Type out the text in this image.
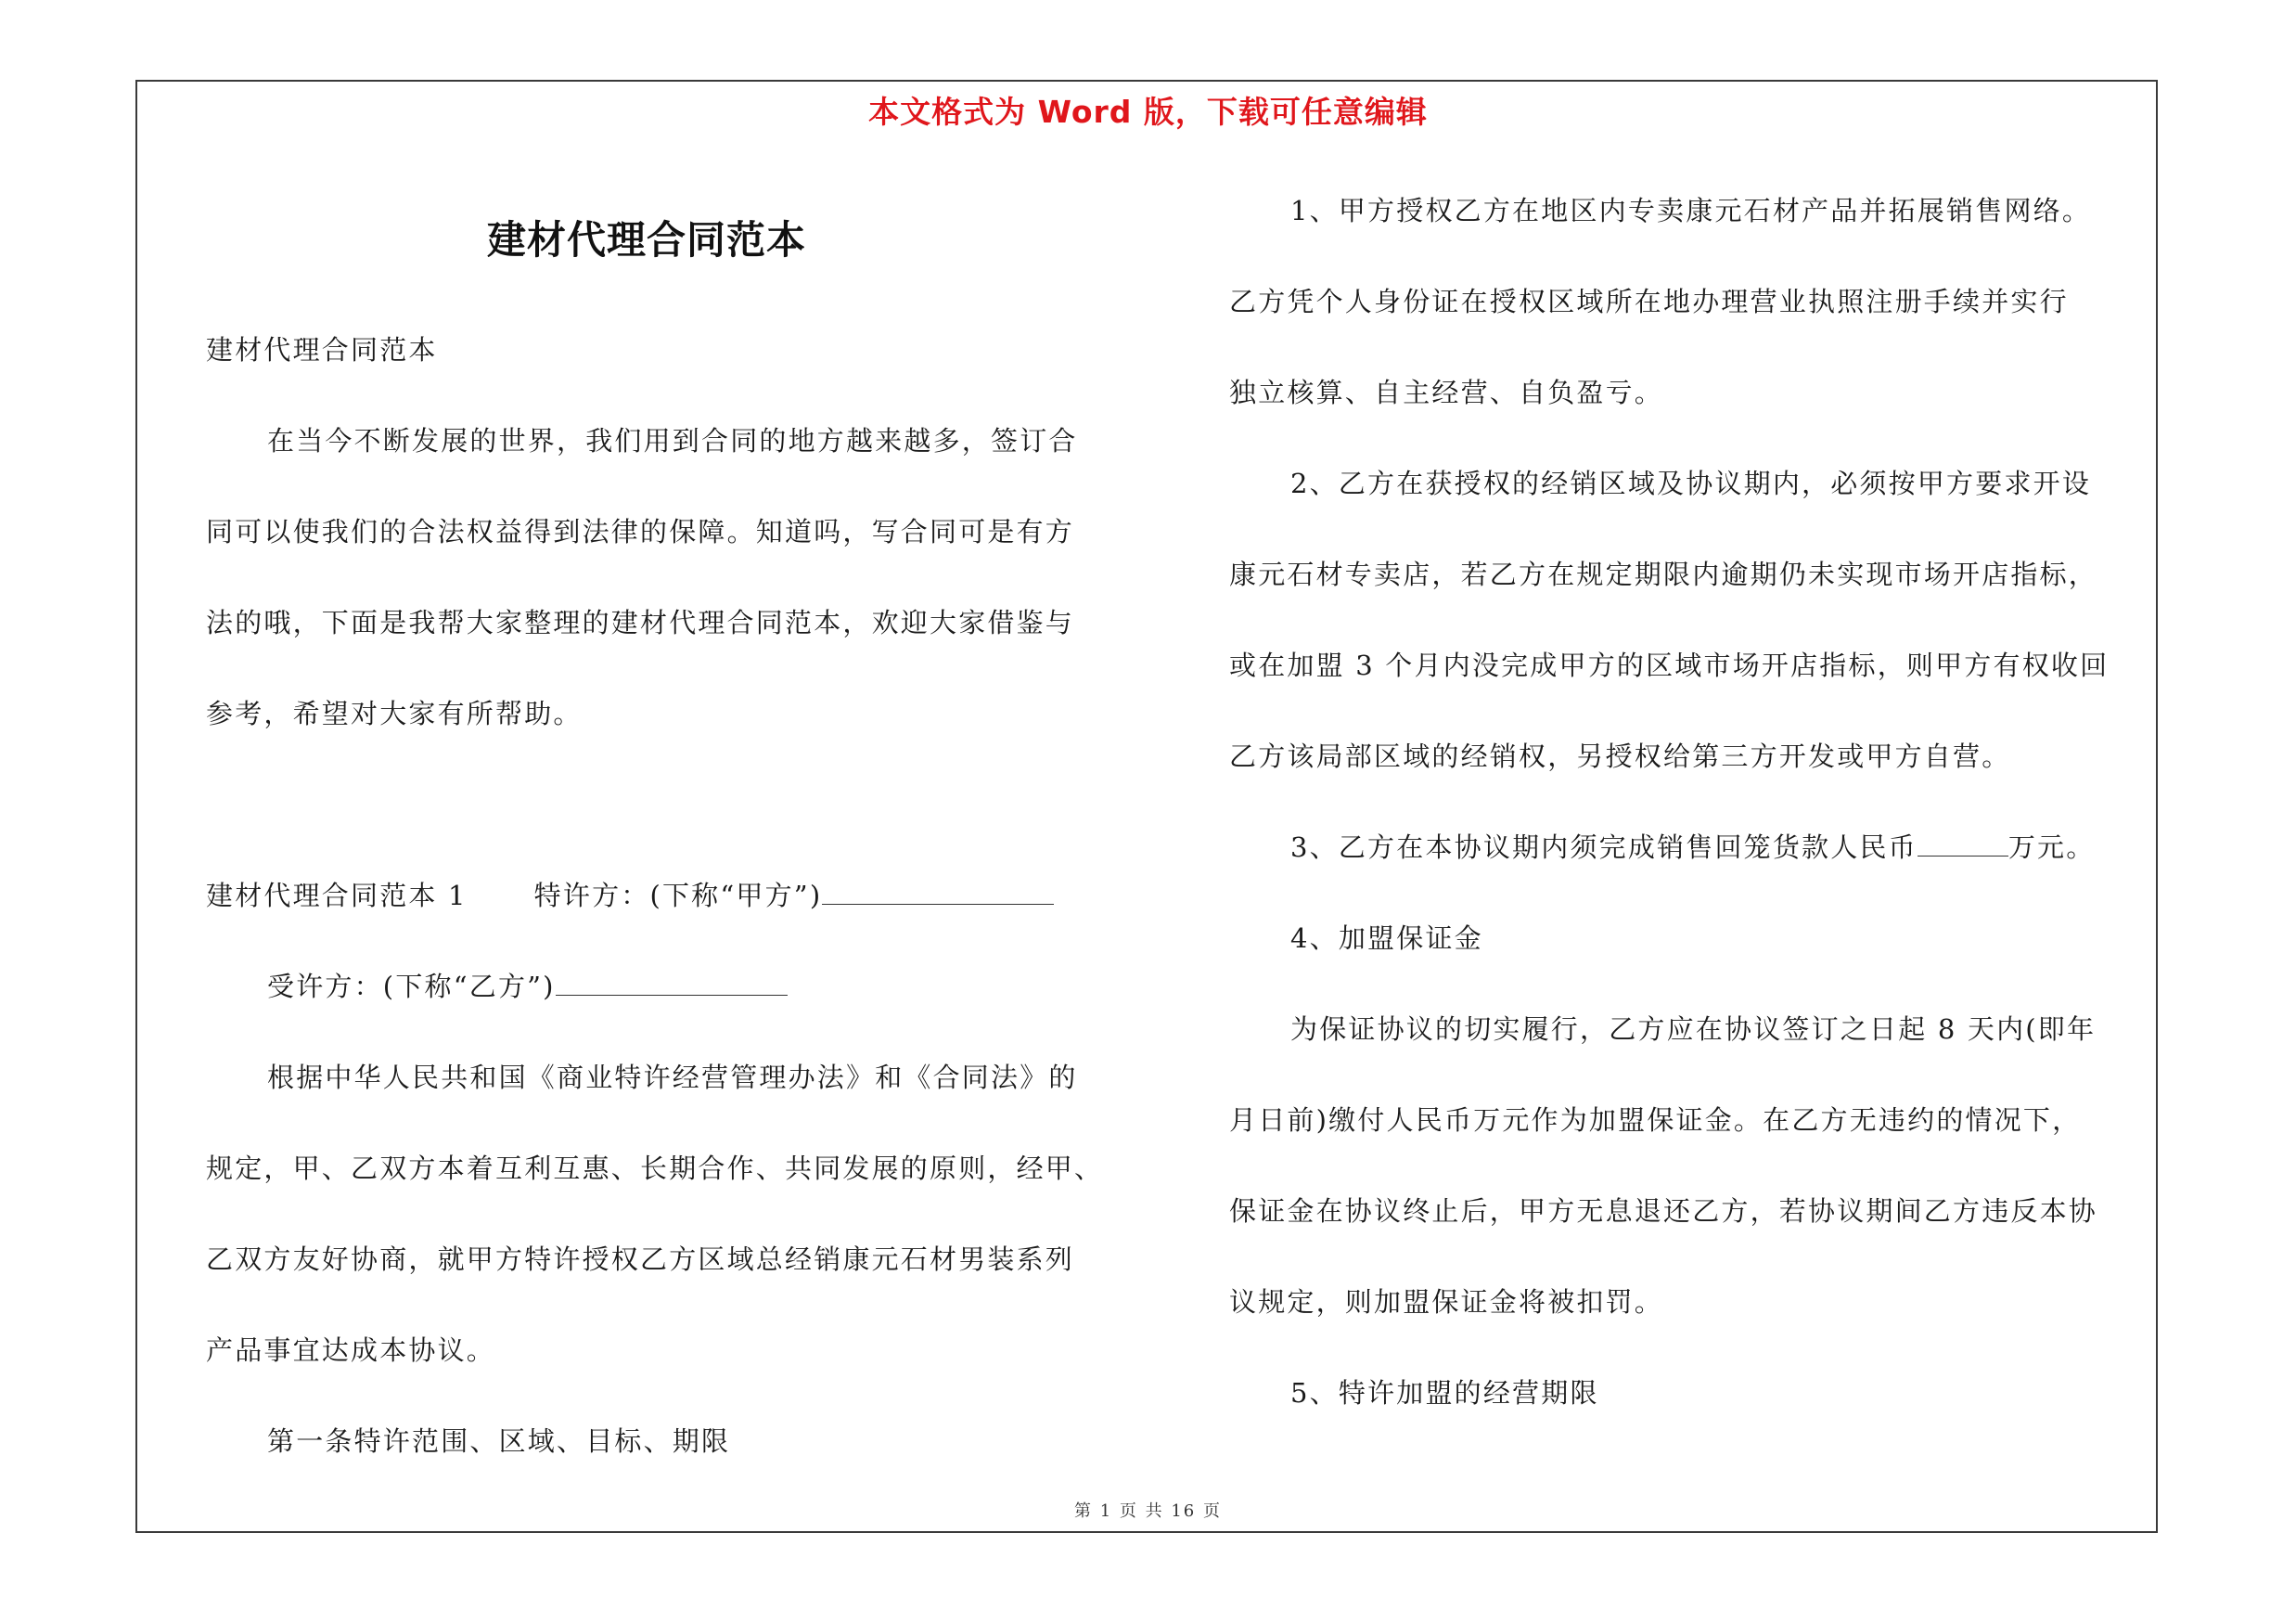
本文格式为 Word 版，下载可任意编辑
建材代理合同范本

建材代理合同范本

在当今不断发展的世界，我们用到合同的地方越来越多，签订合

同可以使我们的合法权益得到法律的保障。知道吗，写合同可是有方

法的哦，下面是我帮大家整理的建材代理合同范本，欢迎大家借鉴与

参考，希望对大家有所帮助。

建材代理合同范本 1 特许方：(下称“甲方”)

受许方：(下称“乙方”)

根据中华人民共和国《商业特许经营管理办法》和《合同法》的

规定，甲、乙双方本着互利互惠、长期合作、共同发展的原则，经甲、

乙双方友好协商，就甲方特许授权乙方区域总经销康元石材男装系列

产品事宜达成本协议。

第一条特许范围、区域、目标、期限

1、甲方授权乙方在地区内专卖康元石材产品并拓展销售网络。

乙方凭个人身份证在授权区域所在地办理营业执照注册手续并实行

独立核算、自主经营、自负盈亏。

2、乙方在获授权的经销区域及协议期内，必须按甲方要求开设

康元石材专卖店，若乙方在规定期限内逾期仍未实现市场开店指标，

或在加盟 3 个月内没完成甲方的区域市场开店指标，则甲方有权收回

乙方该局部区域的经销权，另授权给第三方开发或甲方自营。

3、乙方在本协议期内须完成销售回笼货款人民币	万元。

4、加盟保证金

为保证协议的切实履行，乙方应在协议签订之日起 8 天内(即年

月日前)缴付人民币万元作为加盟保证金。在乙方无违约的情况下，

保证金在协议终止后，甲方无息退还乙方，若协议期间乙方违反本协

议规定，则加盟保证金将被扣罚。

5、特许加盟的经营期限

第 1 页 共 16 页
